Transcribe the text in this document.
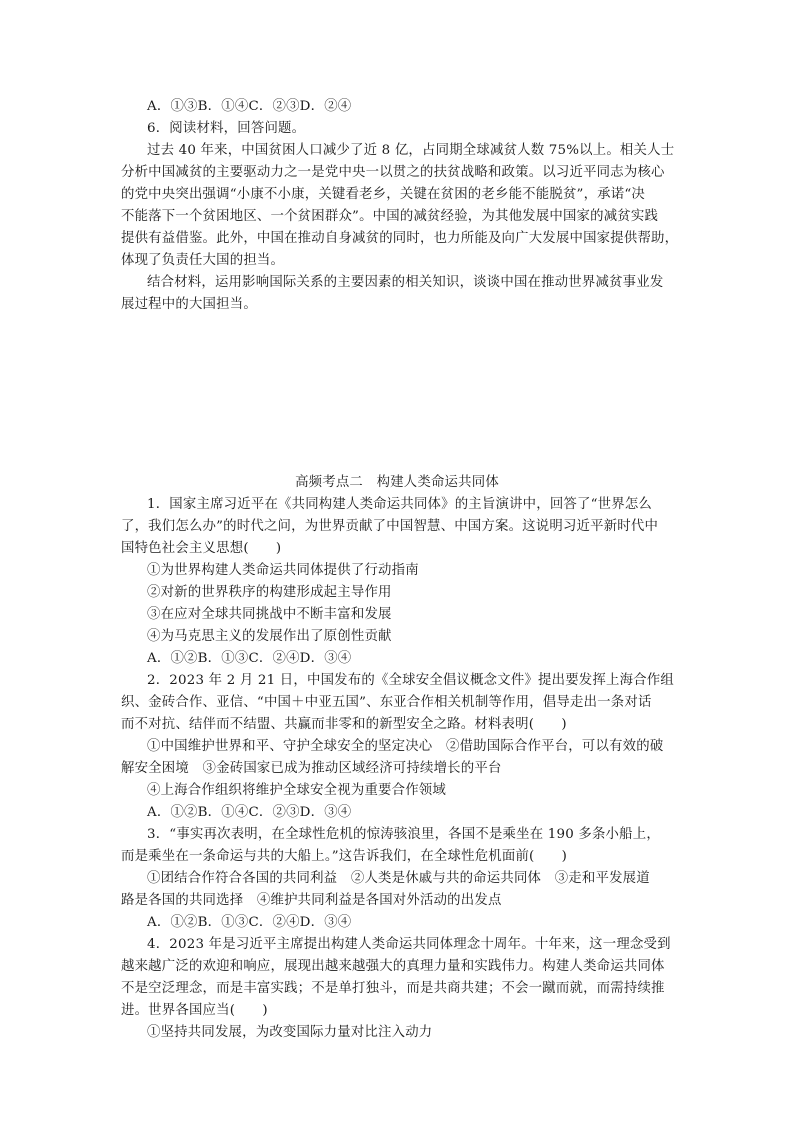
A．①③B．①④C．②③D．②④
6．阅读材料，回答问题。
过去 40 年来，中国贫困人口减少了近 8 亿，占同期全球减贫人数 75%以上。相关人士
分析中国减贫的主要驱动力之一是党中央一以贯之的扶贫战略和政策。以习近平同志为核心
的党中央突出强调“小康不小康，关键看老乡，关键在贫困的老乡能不能脱贫”，承诺“决
不能落下一个贫困地区、一个贫困群众”。中国的减贫经验，为其他发展中国家的减贫实践
提供有益借鉴。此外，中国在推动自身减贫的同时，也力所能及向广大发展中国家提供帮助，
体现了负责任大国的担当。
结合材料，运用影响国际关系的主要因素的相关知识，谈谈中国在推动世界减贫事业发
展过程中的大国担当。
高频考点二　构建人类命运共同体
1．国家主席习近平在《共同构建人类命运共同体》的主旨演讲中，回答了“世界怎么
了，我们怎么办”的时代之问，为世界贡献了中国智慧、中国方案。这说明习近平新时代中
国特色社会主义思想(　　)
①为世界构建人类命运共同体提供了行动指南
②对新的世界秩序的构建形成起主导作用
③在应对全球共同挑战中不断丰富和发展
④为马克思主义的发展作出了原创性贡献
A．①②B．①③C．②④D．③④
2．2023 年 2 月 21 日，中国发布的《全球安全倡议概念文件》提出要发挥上海合作组
织、金砖合作、亚信、“中国＋中亚五国”、东亚合作相关机制等作用，倡导走出一条对话
而不对抗、结伴而不结盟、共赢而非零和的新型安全之路。材料表明(　　)
①中国维护世界和平、守护全球安全的坚定决心　②借助国际合作平台，可以有效的破
解安全困境　③金砖国家已成为推动区域经济可持续增长的平台
④上海合作组织将维护全球安全视为重要合作领域
A．①②B．①④C．②③D．③④
3．“事实再次表明，在全球性危机的惊涛骇浪里，各国不是乘坐在 190 多条小船上，
而是乘坐在一条命运与共的大船上。”这告诉我们，在全球性危机面前(　　)
①团结合作符合各国的共同利益　②人类是休戚与共的命运共同体　③走和平发展道
路是各国的共同选择　④维护共同利益是各国对外活动的出发点
A．①②B．①③C．②④D．③④
4．2023 年是习近平主席提出构建人类命运共同体理念十周年。十年来，这一理念受到
越来越广泛的欢迎和响应，展现出越来越强大的真理力量和实践伟力。构建人类命运共同体
不是空泛理念，而是丰富实践；不是单打独斗，而是共商共建；不会一蹴而就，而需持续推
进。世界各国应当(　　)
①坚持共同发展，为改变国际力量对比注入动力
